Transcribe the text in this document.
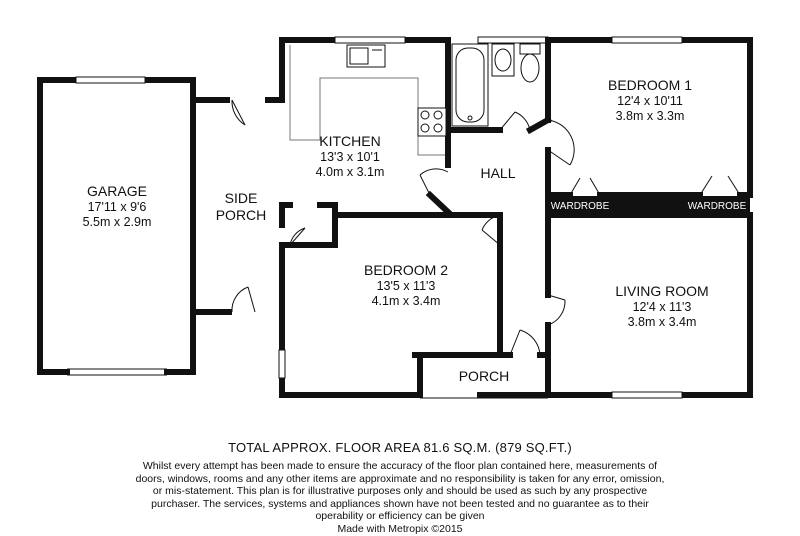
GARAGE
17'11 x 9'6
5.5m x 2.9m
SIDE
PORCH
KITCHEN
13'3 x 10'1
4.0m x 3.1m	HALL
BEDROOM 1
12'4 x 10'11
3.8m x 3.3m
BEDROOM 2
13'5 x 11'3
4.1m x 3.4m
LIVING ROOM
12'4 x 11'3
3.8m x 3.4m
PORCH
WARDROBE	WARDROBE
TOTAL APPROX. FLOOR AREA 81.6 SQ.M. (879 SQ.FT.)
Whilst every attempt has been made to ensure the accuracy of the floor plan contained here, measurements of doors, windows, rooms and any other items are approximate and no responsibility is taken for any error, omission, or mis-statement. This plan is for illustrative purposes only and should be used as such by any prospective purchaser. The services, systems and appliances shown have not been tested and no guarantee as to their operability or efficiency can be given
Made with Metropix ©2015
